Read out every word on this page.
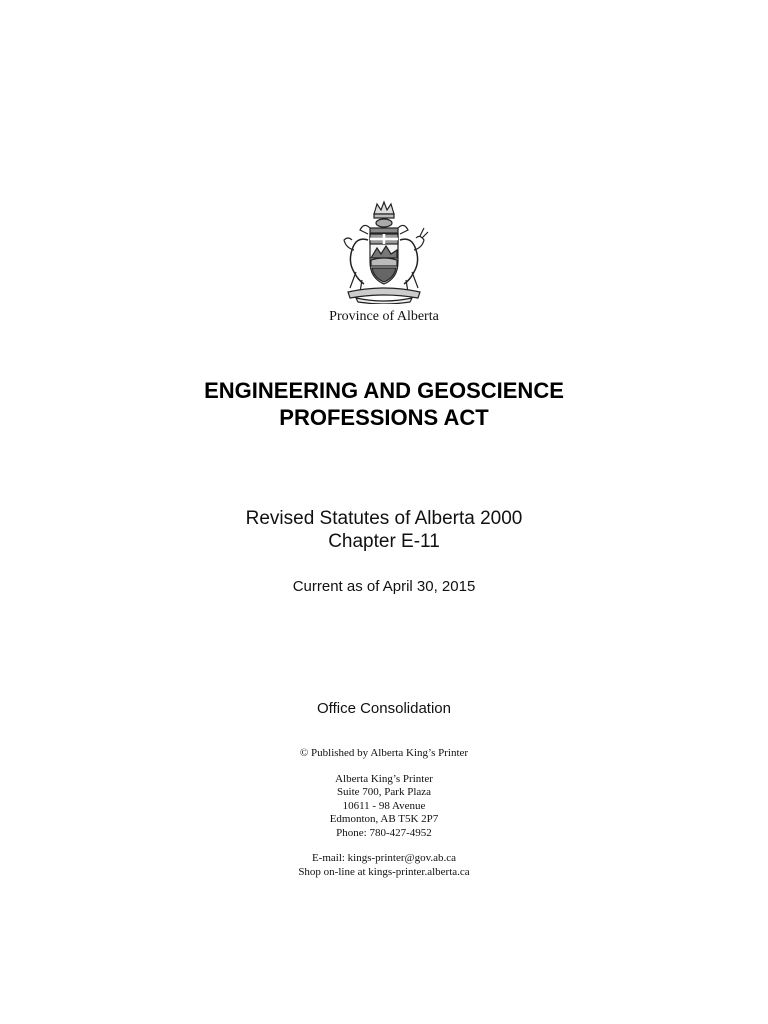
Province of Alberta
ENGINEERING AND GEOSCIENCE
PROFESSIONS ACT
Revised Statutes of Alberta 2000
Chapter E-11
Current as of April 30, 2015
Office Consolidation
© Published by Alberta King’s Printer
Alberta King’s Printer
Suite 700, Park Plaza
10611 - 98 Avenue
Edmonton, AB T5K 2P7
Phone: 780-427-4952
E-mail: kings-printer@gov.ab.ca
Shop on-line at kings-printer.alberta.ca
